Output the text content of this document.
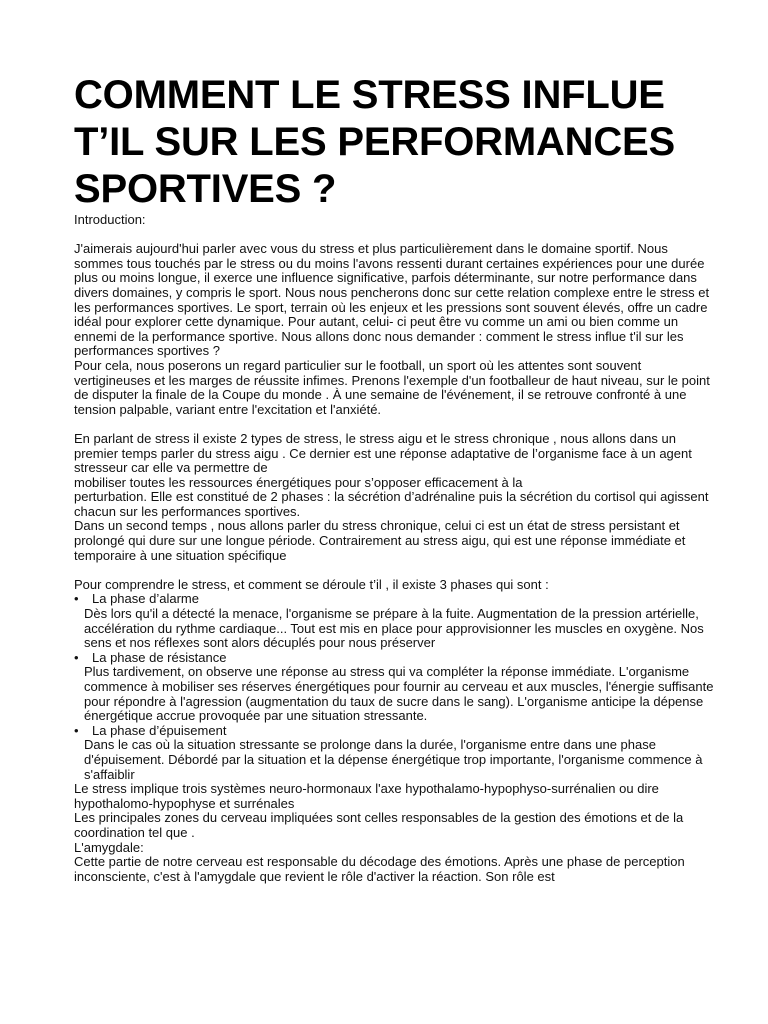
COMMENT LE STRESS INFLUE T’IL SUR LES PERFORMANCES SPORTIVES ?

Introduction:

J'aimerais aujourd'hui parler avec vous du stress et plus particulièrement dans le domaine sportif. Nous sommes tous touchés par le stress ou du moins l'avons ressenti durant certaines expériences pour une durée plus ou moins longue, il exerce une influence significative, parfois déterminante, sur notre performance dans divers domaines, y compris le sport. Nous nous pencherons donc sur cette relation complexe entre le stress et les performances sportives. Le sport, terrain où les enjeux et les pressions sont souvent élevés, offre un cadre idéal pour explorer cette dynamique. Pour autant, celui- ci peut être vu comme un ami ou bien comme un ennemi de la performance sportive. Nous allons donc nous demander : comment le stress influe t'il sur les performances sportives ?

Pour cela, nous poserons un regard particulier sur le football, un sport où les attentes sont souvent vertigineuses et les marges de réussite infimes. Prenons l'exemple d'un footballeur de haut niveau, sur le point de disputer la finale de la Coupe du monde . À une semaine de l'événement, il se retrouve confronté à une tension palpable, variant entre l'excitation et l'anxiété.

En parlant de stress il existe 2 types de stress, le stress aigu et le stress chronique , nous allons dans un premier temps parler du stress aigu . Ce dernier est une réponse adaptative de l’organisme face à un agent stresseur car elle va permettre de

mobiliser toutes les ressources énergétiques pour s’opposer efficacement à la

perturbation. Elle est constitué de 2 phases : la sécrétion d’adrénaline puis la sécrétion du cortisol qui agissent chacun sur les performances sportives.

Dans un second temps , nous allons parler du stress chronique, celui ci est un état de stress persistant et prolongé qui dure sur une longue période. Contrairement au stress aigu, qui est une réponse immédiate et temporaire à une situation spécifique

Pour comprendre le stress, et comment se déroule t’il , il existe 3 phases qui sont :

• La phase d’alarme

Dès lors qu'il a détecté la menace, l'organisme se prépare à la fuite. Augmentation de la pression artérielle, accélération du rythme cardiaque... Tout est mis en place pour approvisionner les muscles en oxygène. Nos sens et nos réflexes sont alors décuplés pour nous préserver

• La phase de résistance

Plus tardivement, on observe une réponse au stress qui va compléter la réponse immédiate. L'organisme commence à mobiliser ses réserves énergétiques pour fournir au cerveau et aux muscles, l'énergie suffisante pour répondre à l'agression (augmentation du taux de sucre dans le sang). L'organisme anticipe la dépense énergétique accrue provoquée par une situation stressante.

• La phase d’épuisement

Dans le cas où la situation stressante se prolonge dans la durée, l'organisme entre dans une phase d'épuisement. Débordé par la situation et la dépense énergétique trop importante, l'organisme commence à s'affaiblir

Le stress implique trois systèmes neuro-hormonaux l'axe hypothalamo-hypophyso-surrénalien ou dire hypothalomo-hypophyse et surrénales

Les principales zones du cerveau impliquées sont celles responsables de la gestion des émotions et de la coordination tel que .

L'amygdale:

Cette partie de notre cerveau est responsable du décodage des émotions. Après une phase de perception inconsciente, c'est à l'amygdale que revient le rôle d'activer la réaction. Son rôle est
